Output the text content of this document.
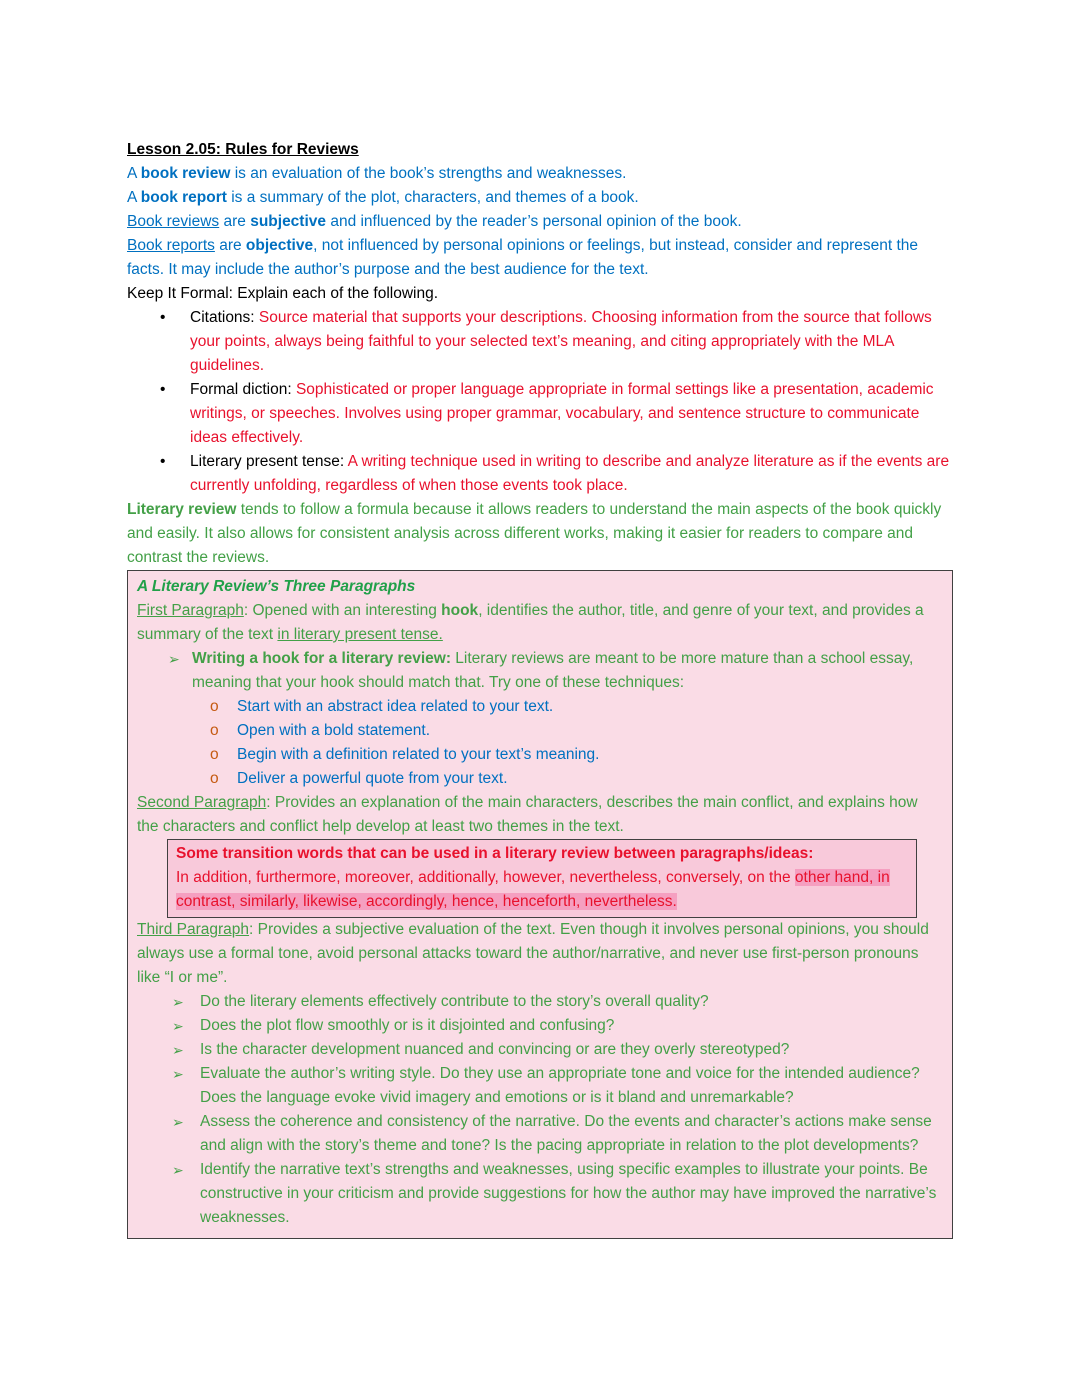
Lesson 2.05: Rules for Reviews

A book review is an evaluation of the book’s strengths and weaknesses.

A book report is a summary of the plot, characters, and themes of a book.

Book reviews are subjective and influenced by the reader’s personal opinion of the book.

Book reports are objective, not influenced by personal opinions or feelings, but instead, consider and represent the facts. It may include the author’s purpose and the best audience for the text.

Keep It Formal: Explain each of the following.

•	Citations: Source material that supports your descriptions. Choosing information from the source that follows your points, always being faithful to your selected text’s meaning, and citing appropriately with the MLA guidelines.
•	Formal diction: Sophisticated or proper language appropriate in formal settings like a presentation, academic writings, or speeches. Involves using proper grammar, vocabulary, and sentence structure to communicate ideas effectively.
•	Literary present tense: A writing technique used in writing to describe and analyze literature as if the events are currently unfolding, regardless of when those events took place.

Literary review tends to follow a formula because it allows readers to understand the main aspects of the book quickly and easily. It also allows for consistent analysis across different works, making it easier for readers to compare and contrast the reviews.

A Literary Review’s Three Paragraphs

First Paragraph: Opened with an interesting hook, identifies the author, title, and genre of your text, and provides a summary of the text in literary present tense.

➢ Writing a hook for a literary review: Literary reviews are meant to be more mature than a school essay, meaning that your hook should match that. Try one of these techniques:
o	Start with an abstract idea related to your text.
o	Open with a bold statement.
o	Begin with a definition related to your text’s meaning.
o	Deliver a powerful quote from your text.

Second Paragraph: Provides an explanation of the main characters, describes the main conflict, and explains how the characters and conflict help develop at least two themes in the text.

Some transition words that can be used in a literary review between paragraphs/ideas:
In addition, furthermore, moreover, additionally, however, nevertheless, conversely, on the other hand, in contrast, similarly, likewise, accordingly, hence, henceforth, nevertheless.

Third Paragraph: Provides a subjective evaluation of the text. Even though it involves personal opinions, you should always use a formal tone, avoid personal attacks toward the author/narrative, and never use first-person pronouns like “I or me”.

➢	Do the literary elements effectively contribute to the story’s overall quality?
➢	Does the plot flow smoothly or is it disjointed and confusing?
➢	Is the character development nuanced and convincing or are they overly stereotyped?
➢	Evaluate the author’s writing style. Do they use an appropriate tone and voice for the intended audience? Does the language evoke vivid imagery and emotions or is it bland and unremarkable?
➢	Assess the coherence and consistency of the narrative. Do the events and character’s actions make sense and align with the story’s theme and tone? Is the pacing appropriate in relation to the plot developments?
➢	Identify the narrative text’s strengths and weaknesses, using specific examples to illustrate your points. Be constructive in your criticism and provide suggestions for how the author may have improved the narrative’s weaknesses.
